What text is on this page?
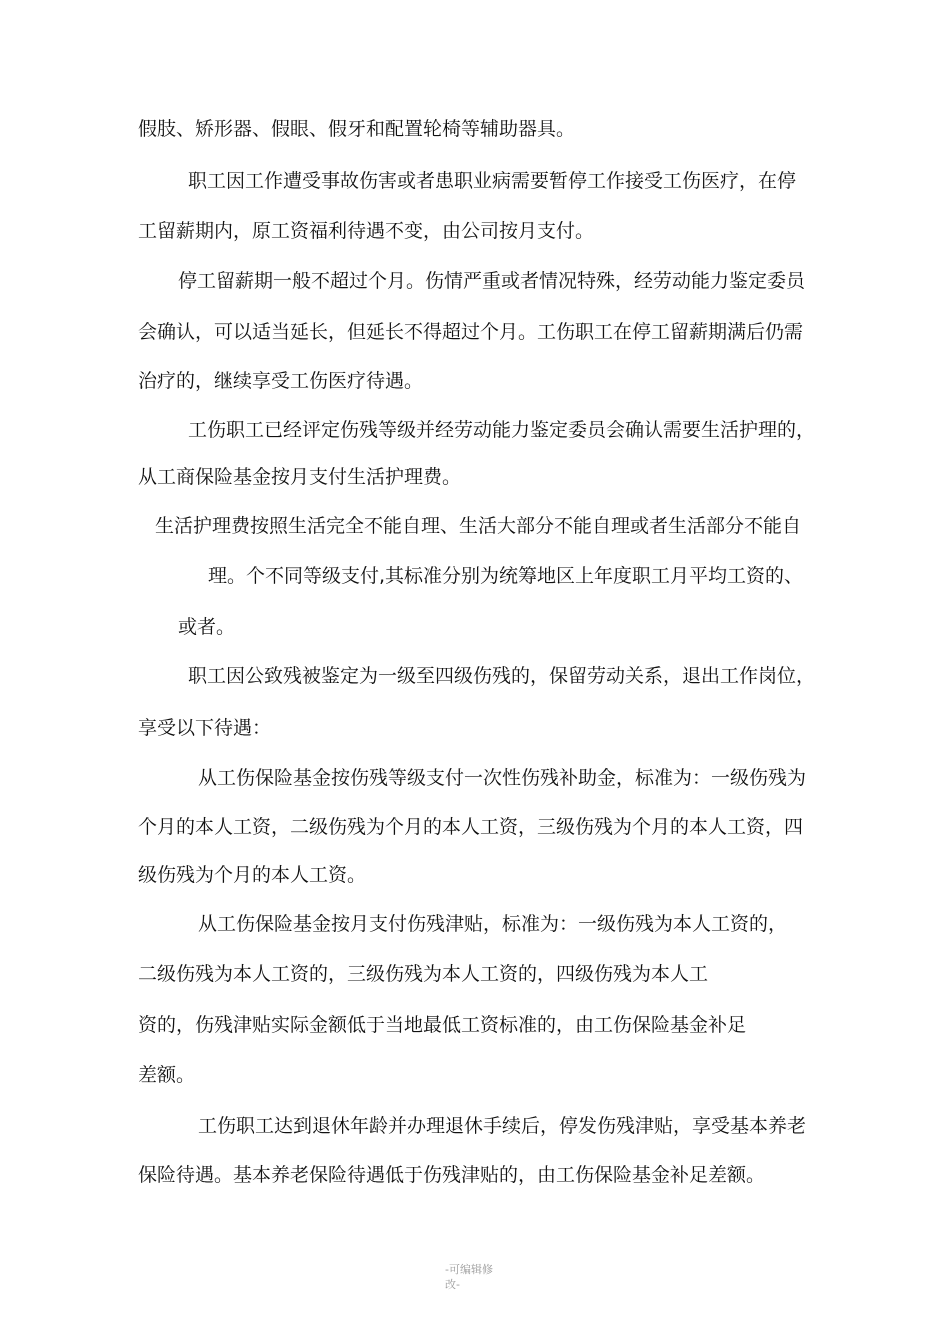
假肢、矫形器、假眼、假牙和配置轮椅等辅助器具。
职工因工作遭受事故伤害或者患职业病需要暂停工作接受工伤医疗，在停
工留薪期内，原工资福利待遇不变，由公司按月支付。
停工留薪期一般不超过个月。伤情严重或者情况特殊，经劳动能力鉴定委员
会确认，可以适当延长，但延长不得超过个月。工伤职工在停工留薪期满后仍需
治疗的，继续享受工伤医疗待遇。
工伤职工已经评定伤残等级并经劳动能力鉴定委员会确认需要生活护理的，
从工商保险基金按月支付生活护理费。
生活护理费按照生活完全不能自理、生活大部分不能自理或者生活部分不能自
理。个不同等级支付,其标准分别为统筹地区上年度职工月平均工资的、
或者。
职工因公致残被鉴定为一级至四级伤残的，保留劳动关系，退出工作岗位，
享受以下待遇：
从工伤保险基金按伤残等级支付一次性伤残补助金，标准为：一级伤残为
个月的本人工资，二级伤残为个月的本人工资，三级伤残为个月的本人工资，四
级伤残为个月的本人工资。
从工伤保险基金按月支付伤残津贴，标准为：一级伤残为本人工资的，
二级伤残为本人工资的，三级伤残为本人工资的，四级伤残为本人工
资的，伤残津贴实际金额低于当地最低工资标准的，由工伤保险基金补足
差额。
工伤职工达到退休年龄并办理退休手续后，停发伤残津贴，享受基本养老
保险待遇。基本养老保险待遇低于伤残津贴的，由工伤保险基金补足差额。
-可编辑修改-
